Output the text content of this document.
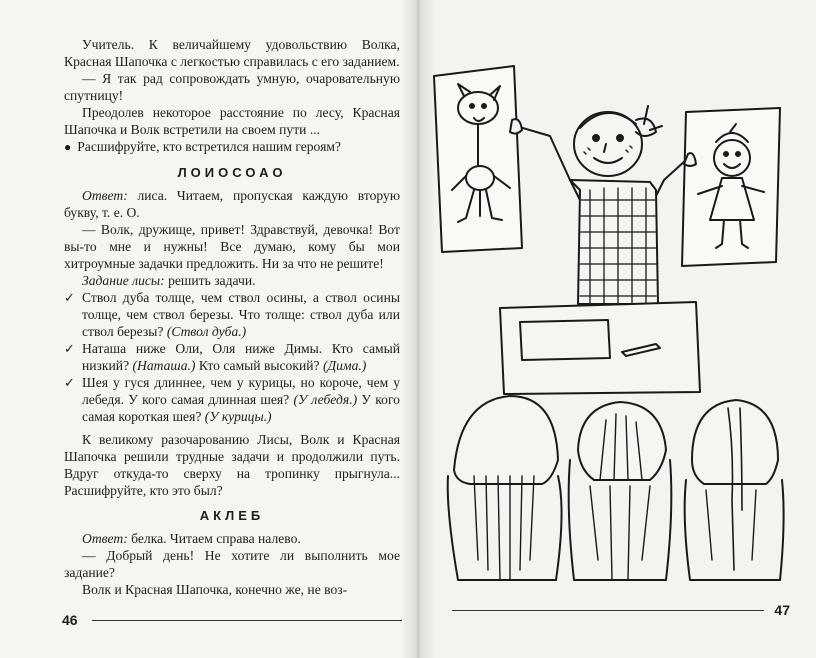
Учитель. К величайшему удовольствию Волка, Красная Шапочка с легкостью справилась с его заданием.

— Я так рад сопровождать умную, очаровательную спутницу!

Преодолев некоторое расстояние по лесу, Красная Шапочка и Волк встретили на своем пути ...

● Расшифруйте, кто встретился нашим героям?

ЛОИОСОАО

Ответ: лиса. Читаем, пропуская каждую вторую букву, т. е. О.

— Волк, дружище, привет! Здравствуй, девочка! Вот вы-то мне и нужны! Все думаю, кому бы мои хитроумные задачки предложить. Ни за что не решите!

Задание лисы: решить задачи.

✓ Ствол дуба толще, чем ствол осины, а ствол осины толще, чем ствол березы. Что толще: ствол дуба или ствол березы? (Ствол дуба.)
✓ Наташа ниже Оли, Оля ниже Димы. Кто самый низкий? (Наташа.) Кто самый высокий? (Дима.)
✓ Шея у гуся длиннее, чем у курицы, но короче, чем у лебедя. У кого самая длинная шея? (У лебедя.) У кого самая короткая шея? (У курицы.)

К великому разочарованию Лисы, Волк и Красная Шапочка решили трудные задачи и продолжили путь. Вдруг откуда-то сверху на тропинку прыгнула... Расшифруйте, кто это был?

АКЛЕБ

Ответ: белка. Читаем справа налево.

— Добрый день! Не хотите ли выполнить мое задание?

Волк и Красная Шапочка, конечно же, не воз-

46
47
